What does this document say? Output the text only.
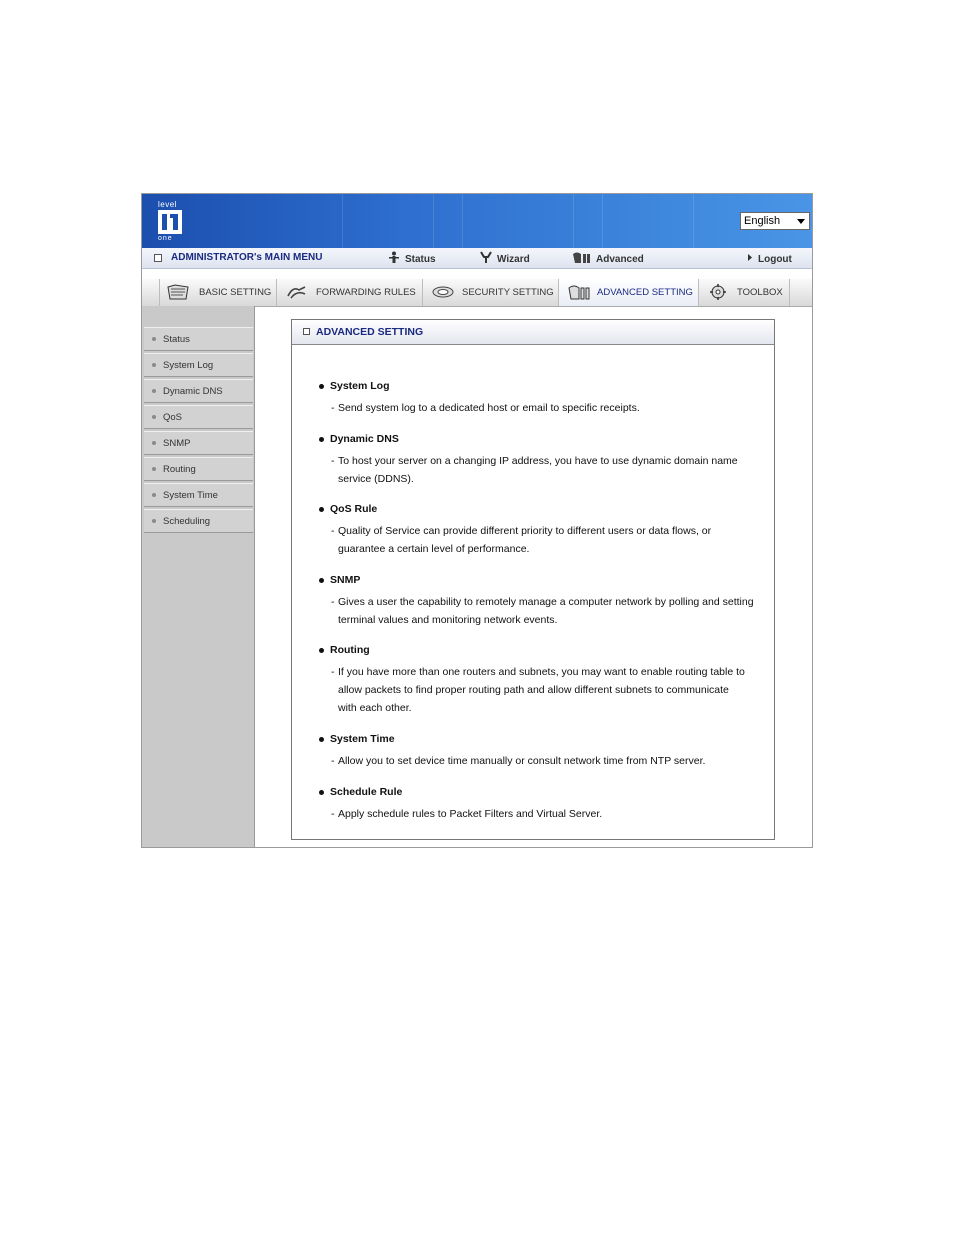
level
one
English
ADMINISTRATOR's MAIN MENU	Status	Wizard	Advanced	Logout
BASIC SETTING	FORWARDING RULES	SECURITY SETTING	ADVANCED SETTING	TOOLBOX
Status
System Log
Dynamic DNS
QoS
SNMP
Routing
System Time
Scheduling
ADVANCED SETTING
System Log
- Send system log to a dedicated host or email to specific receipts.
Dynamic DNS
- To host your server on a changing IP address, you have to use dynamic domain name
service (DDNS).
QoS Rule
- Quality of Service can provide different priority to different users or data flows, or
guarantee a certain level of performance.
SNMP
- Gives a user the capability to remotely manage a computer network by polling and setting
terminal values and monitoring network events.
Routing
- If you have more than one routers and subnets, you may want to enable routing table to
allow packets to find proper routing path and allow different subnets to communicate
with each other.
System Time
- Allow you to set device time manually or consult network time from NTP server.
Schedule Rule
- Apply schedule rules to Packet Filters and Virtual Server.
